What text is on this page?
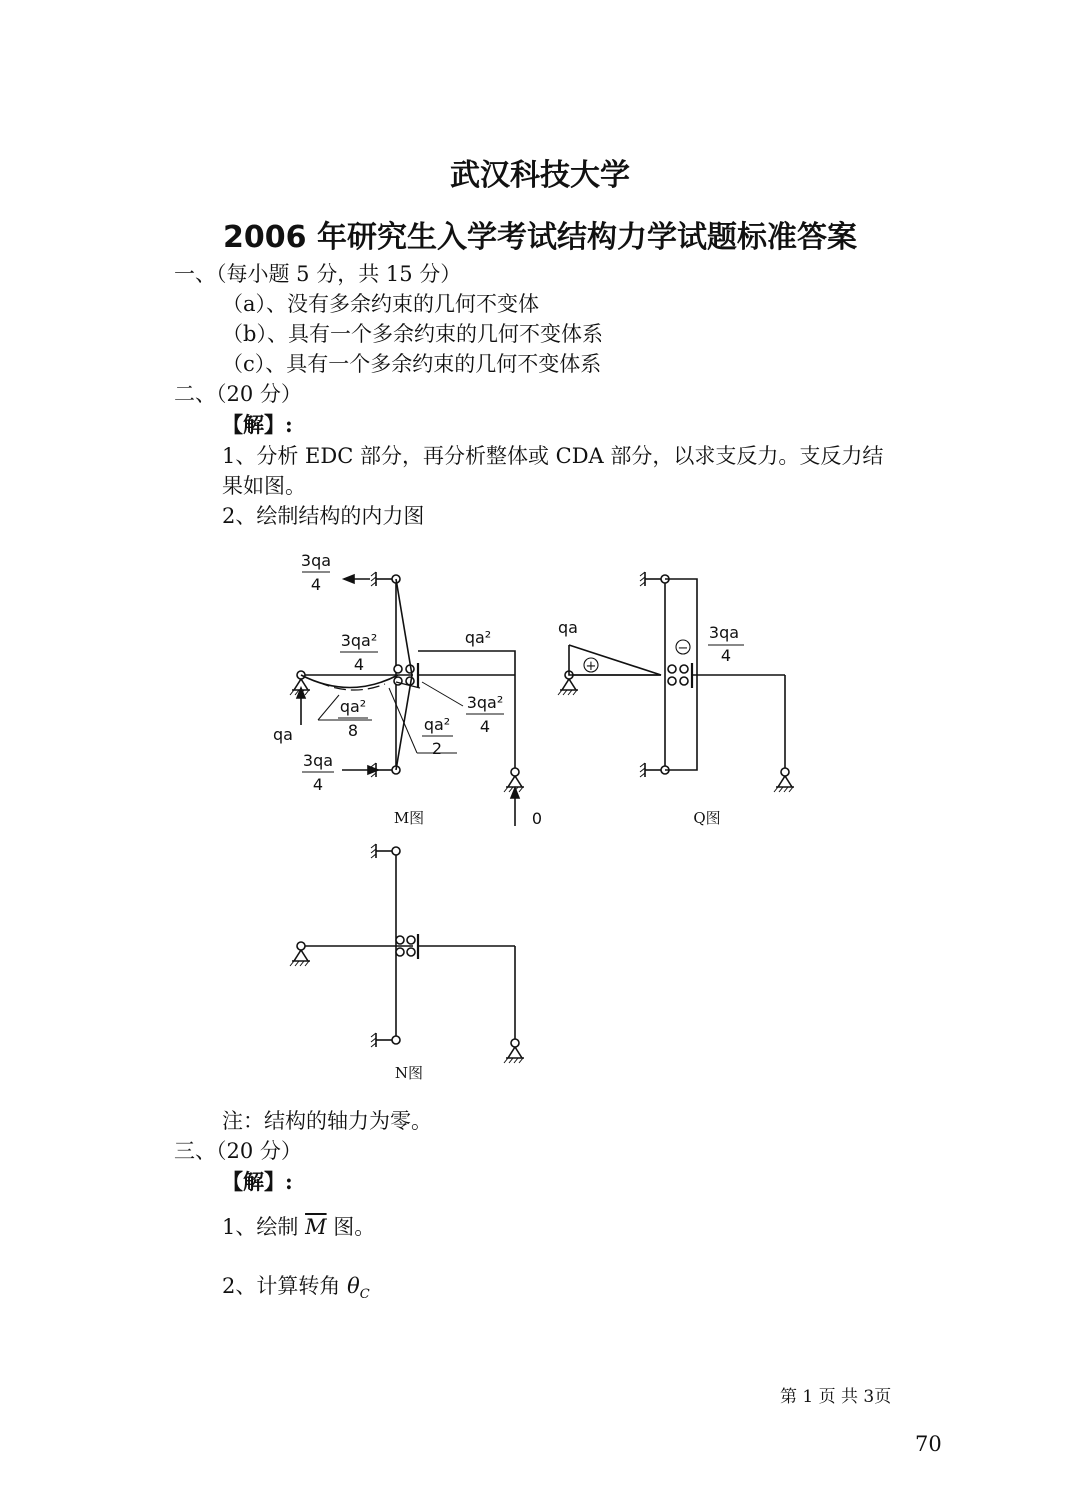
武汉科技大学
2006 年研究生入学考试结构力学试题标准答案
一、（每小题 5 分，共 15 分）
（a）、没有多余约束的几何不变体
（b）、具有一个多余约束的几何不变体系
（c）、具有一个多余约束的几何不变体系
二、（20 分）
【解】:
1、分析 EDC 部分，再分析整体或 CDA 部分，以求支反力。支反力结
果如图。
2、绘制结构的内力图
3qa
4
3qa²
4
qa²
qa²
8	qa²
2
3qa²
4
qa
3qa
4
0
qa	3qa
4
+
−
M图	Q图
N图
注：结构的轴力为零。
三、（20 分）
【解】:
1、绘制 $\overline{M}$ 图。
2、计算转角 $\theta_C$
第 1 页 共 3页
70
